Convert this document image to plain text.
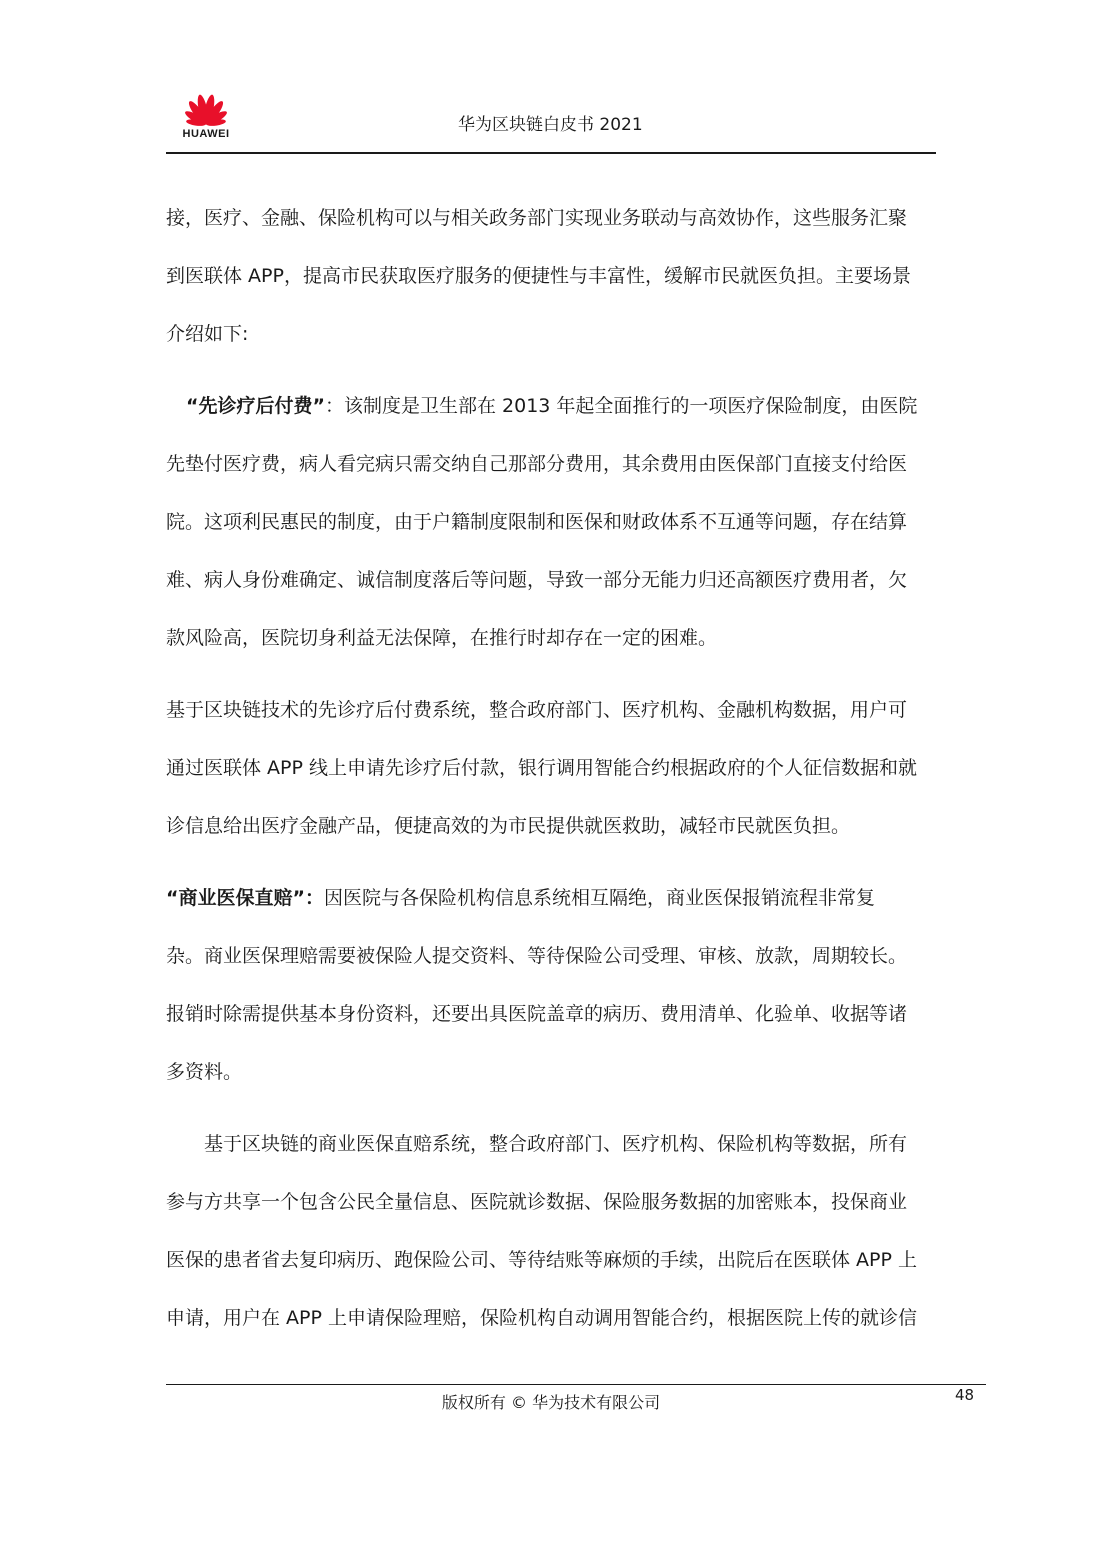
HUAWEI	华为区块链白皮书 2021
接，医疗、金融、保险机构可以与相关政务部门实现业务联动与高效协作，这些服务汇聚
到医联体 APP，提高市民获取医疗服务的便捷性与丰富性，缓解市民就医负担。主要场景
介绍如下:
“先诊疗后付费”：该制度是卫生部在 2013 年起全面推行的一项医疗保险制度，由医院
先垫付医疗费，病人看完病只需交纳自己那部分费用，其余费用由医保部门直接支付给医
院。这项利民惠民的制度，由于户籍制度限制和医保和财政体系不互通等问题，存在结算
难、病人身份难确定、诚信制度落后等问题，导致一部分无能力归还高额医疗费用者，欠
款风险高，医院切身利益无法保障，在推行时却存在一定的困难。
基于区块链技术的先诊疗后付费系统，整合政府部门、医疗机构、金融机构数据，用户可
通过医联体 APP 线上申请先诊疗后付款，银行调用智能合约根据政府的个人征信数据和就
诊信息给出医疗金融产品，便捷高效的为市民提供就医救助，减轻市民就医负担。
“商业医保直赔”：因医院与各保险机构信息系统相互隔绝，商业医保报销流程非常复
杂。商业医保理赔需要被保险人提交资料、等待保险公司受理、审核、放款，周期较长。
报销时除需提供基本身份资料，还要出具医院盖章的病历、费用清单、化验单、收据等诸
多资料。
基于区块链的商业医保直赔系统，整合政府部门、医疗机构、保险机构等数据，所有
参与方共享一个包含公民全量信息、医院就诊数据、保险服务数据的加密账本，投保商业
医保的患者省去复印病历、跑保险公司、等待结账等麻烦的手续，出院后在医联体 APP 上
申请，用户在 APP 上申请保险理赔，保险机构自动调用智能合约，根据医院上传的就诊信
版权所有 © 华为技术有限公司	48
